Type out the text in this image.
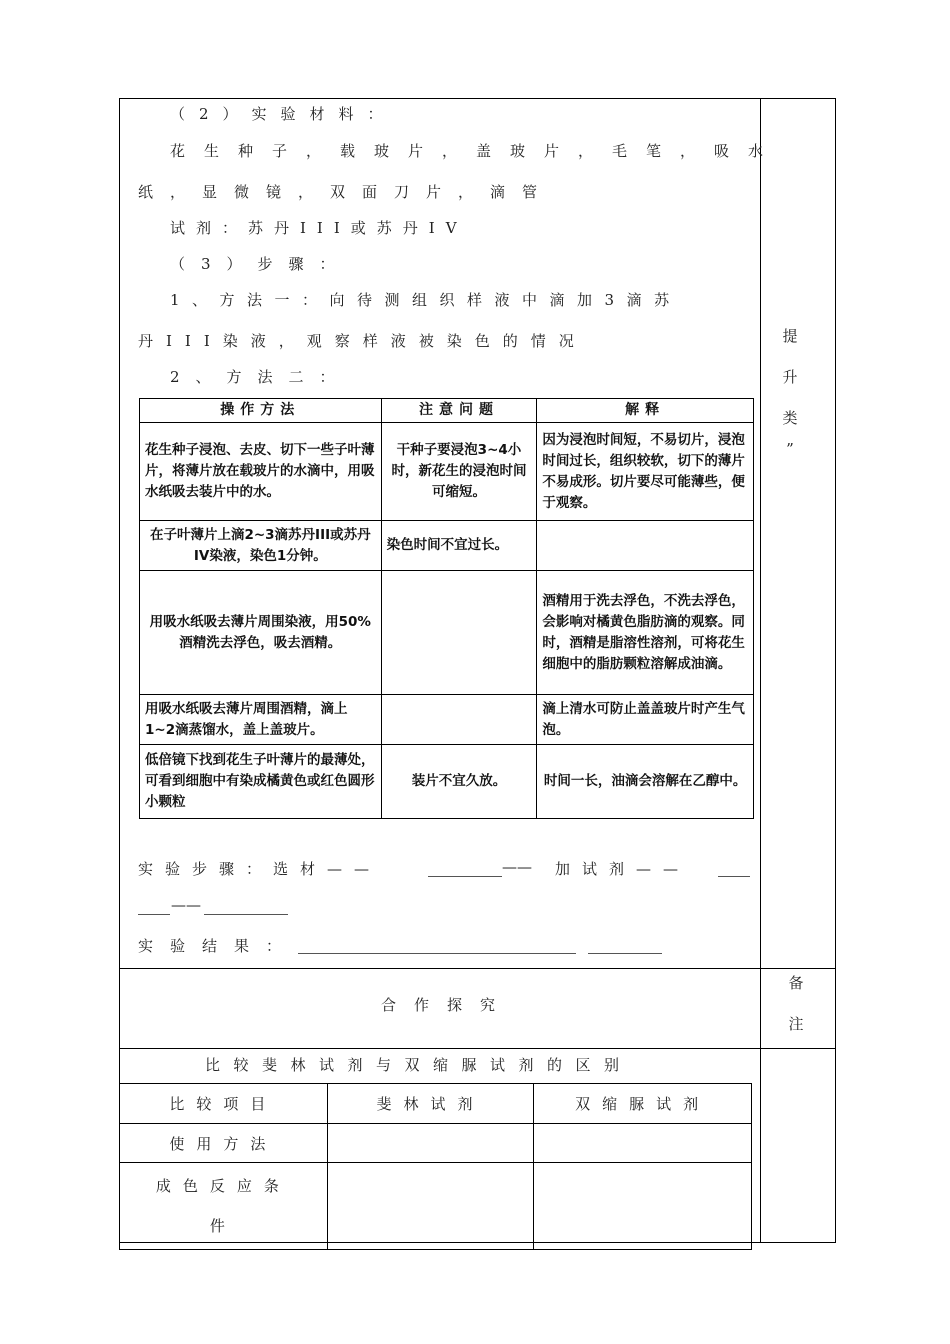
（2）实验材料：
花生种子，载玻片，盖玻片，毛笔，吸水
纸，显微镜，双面刀片，滴管
试剂：苏丹III或苏丹IV
（3）步骤：
1、方法一：向待测组织样液中滴加3滴苏
丹III染液，观察样液被染色的情况
2、方法二：
操作方法	注意问题	解释
花生种子浸泡、去皮、切下一些子叶薄片，将薄片放在载玻片的水滴中，用吸水纸吸去装片中的水。	干种子要浸泡3~4小时，新花生的浸泡时间可缩短。	因为浸泡时间短，不易切片，浸泡时间过长，组织较软，切下的薄片不易成形。切片要尽可能薄些，便于观察。
在子叶薄片上滴2~3滴苏丹III或苏丹IV染液，染色1分钟。	染色时间不宜过长。	
用吸水纸吸去薄片周围染液，用50%酒精洗去浮色，吸去酒精。		酒精用于洗去浮色，不洗去浮色，会影响对橘黄色脂肪滴的观察。同时，酒精是脂溶性溶剂，可将花生细胞中的脂肪颗粒溶解成油滴。
用吸水纸吸去薄片周围酒精，滴上1~2滴蒸馏水，盖上盖玻片。		滴上清水可防止盖盖玻片时产生气泡。
低倍镜下找到花生子叶薄片的最薄处，可看到细胞中有染成橘黄色或红色圆形小颗粒	装片不宜久放。	时间一长，油滴会溶解在乙醇中。
实验步骤：选材——	—— 加试剂——
——
实验结果：
提
升
类
”
备
注
合作探究
比较斐林试剂与双缩脲试剂的区别
比较项目	斐林试剂	双缩脲试剂
使用方法		

成色反应条
件		
